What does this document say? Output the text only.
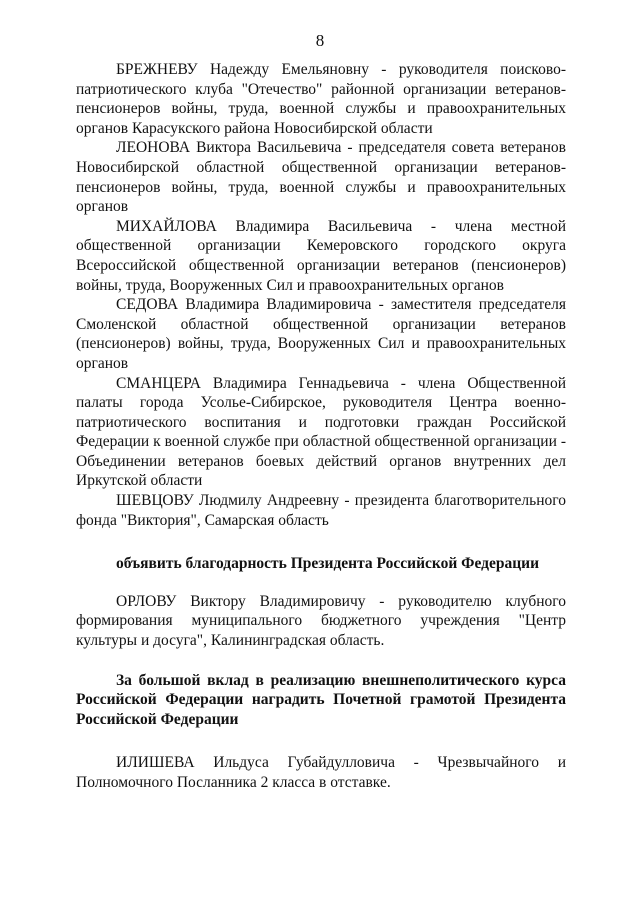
8

БРЕЖНЕВУ Надежду Емельяновну - руководителя поисково-патриотического клуба "Отечество" районной организации ветеранов-пенсионеров войны, труда, военной службы и правоохранительных органов Карасукского района Новосибирской области

ЛЕОНОВА Виктора Васильевича - председателя совета ветеранов Новосибирской областной общественной организации ветеранов-пенсионеров войны, труда, военной службы и правоохранительных органов

МИХАЙЛОВА Владимира Васильевича - члена местной общественной организации Кемеровского городского округа Всероссийской общественной организации ветеранов (пенсионеров) войны, труда, Вооруженных Сил и правоохранительных органов

СЕДОВА Владимира Владимировича - заместителя председателя Смоленской областной общественной организации ветеранов (пенсионеров) войны, труда, Вооруженных Сил и правоохранительных органов

СМАНЦЕРА Владимира Геннадьевича - члена Общественной палаты города Усолье-Сибирское, руководителя Центра военно-патриотического воспитания и подготовки граждан Российской Федерации к военной службе при областной общественной организации - Объединении ветеранов боевых действий органов внутренних дел Иркутской области

ШЕВЦОВУ Людмилу Андреевну - президента благотворительного фонда "Виктория", Самарская область

объявить благодарность Президента Российской Федерации

ОРЛОВУ Виктору Владимировичу - руководителю клубного формирования муниципального бюджетного учреждения "Центр культуры и досуга", Калининградская область.

За большой вклад в реализацию внешнеполитического курса Российской Федерации наградить Почетной грамотой Президента Российской Федерации

ИЛИШЕВА Ильдуса Губайдулловича - Чрезвычайного и Полномочного Посланника 2 класса в отставке.
